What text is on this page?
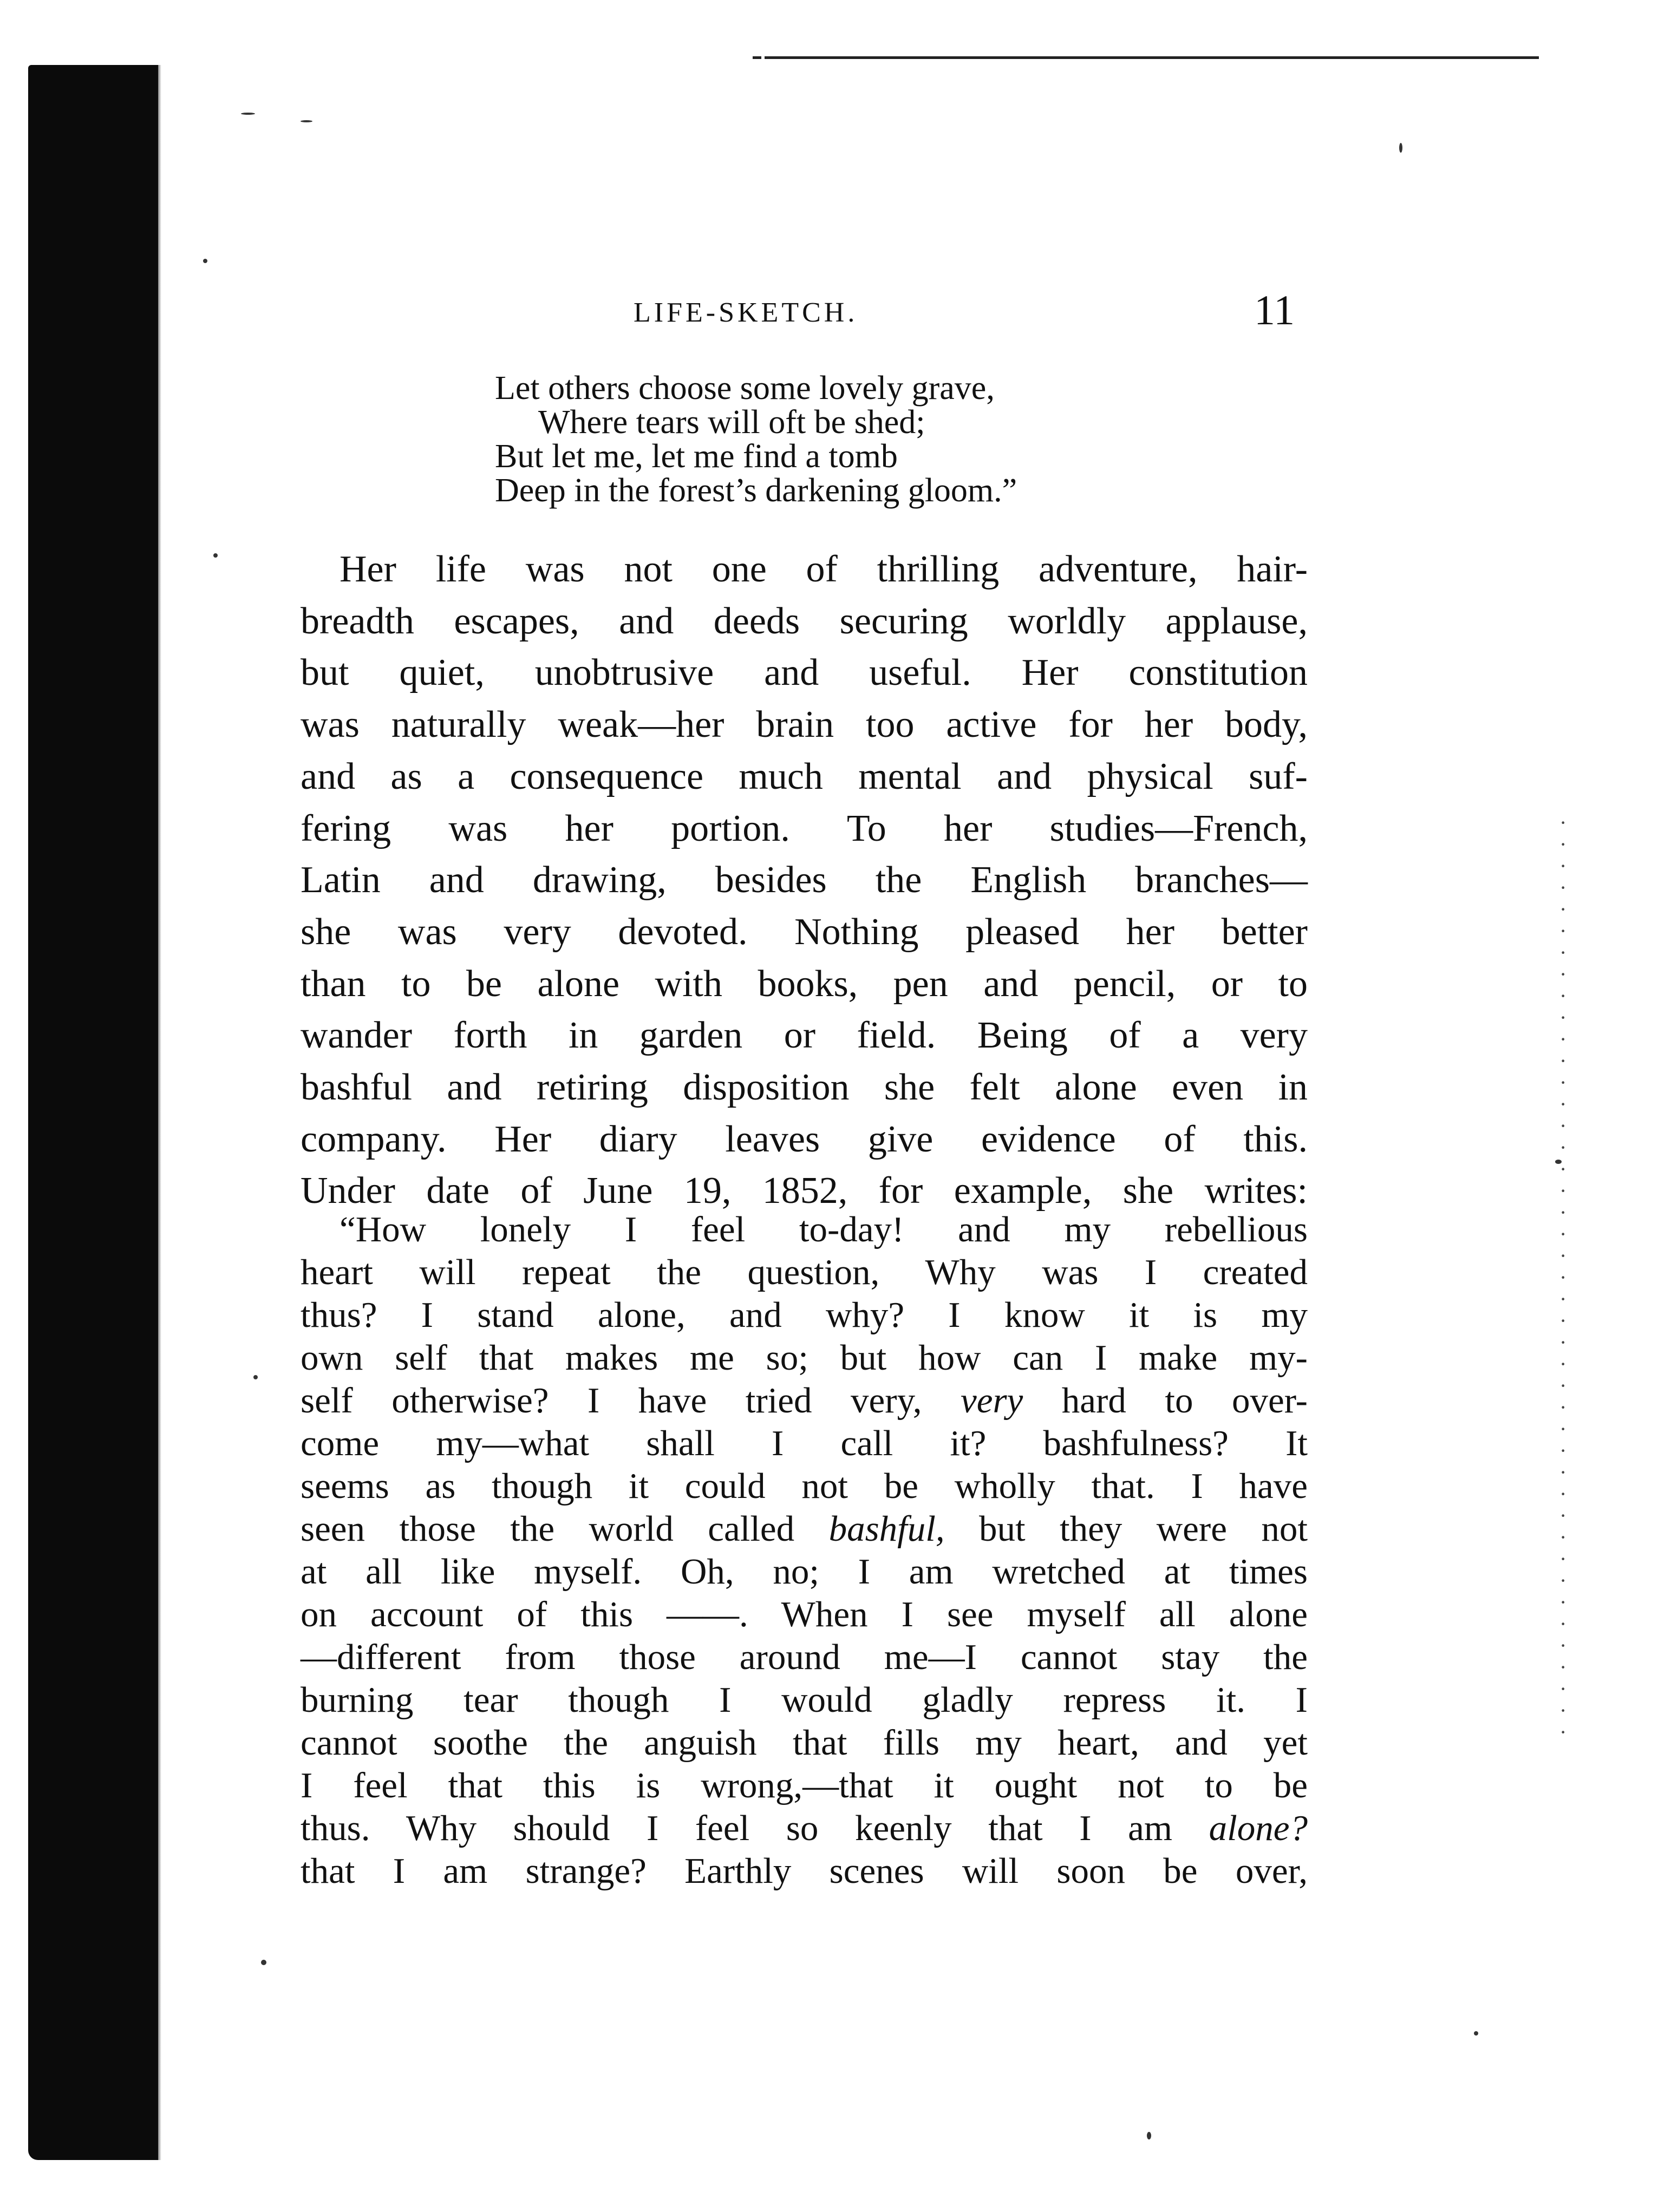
·
·
·
·
·
·
·
·
·
·
·
·
·
·
·
·
·
·
·
·
·
·
·
·
·
·
·
·
·
·
·
·
·
·
·
·
·
·
·
·
·
·
·
LIFE-SKETCH.	11
Let others choose some lovely grave,
Where tears will oft be shed;
But let me, let me find a tomb
Deep in the forest’s darkening gloom.”
Her life was not one of thrilling adventure, hair-
breadth escapes, and deeds securing worldly applause,
but quiet, unobtrusive and useful. Her constitution
was naturally weak—her brain too active for her body,
and as a consequence much mental and physical suf-
fering was her portion. To her studies—French,
Latin and drawing, besides the English branches—
she was very devoted. Nothing pleased her better
than to be alone with books, pen and pencil, or to
wander forth in garden or field. Being of a very
bashful and retiring disposition she felt alone even in
company. Her diary leaves give evidence of this.
Under date of June 19, 1852, for example, she writes:
“How lonely I feel to-day! and my rebellious
heart will repeat the question, Why was I created
thus? I stand alone, and why? I know it is my
own self that makes me so; but how can I make my-
self otherwise? I have tried very, very hard to over-
come my—what shall I call it? bashfulness? It
seems as though it could not be wholly that. I have
seen those the world called bashful, but they were not
at all like myself. Oh, no; I am wretched at times
on account of this ——. When I see myself all alone
—different from those around me—I cannot stay the
burning tear though I would gladly repress it. I
cannot soothe the anguish that fills my heart, and yet
I feel that this is wrong,—that it ought not to be
thus. Why should I feel so keenly that I am alone?
that I am strange? Earthly scenes will soon be over,
